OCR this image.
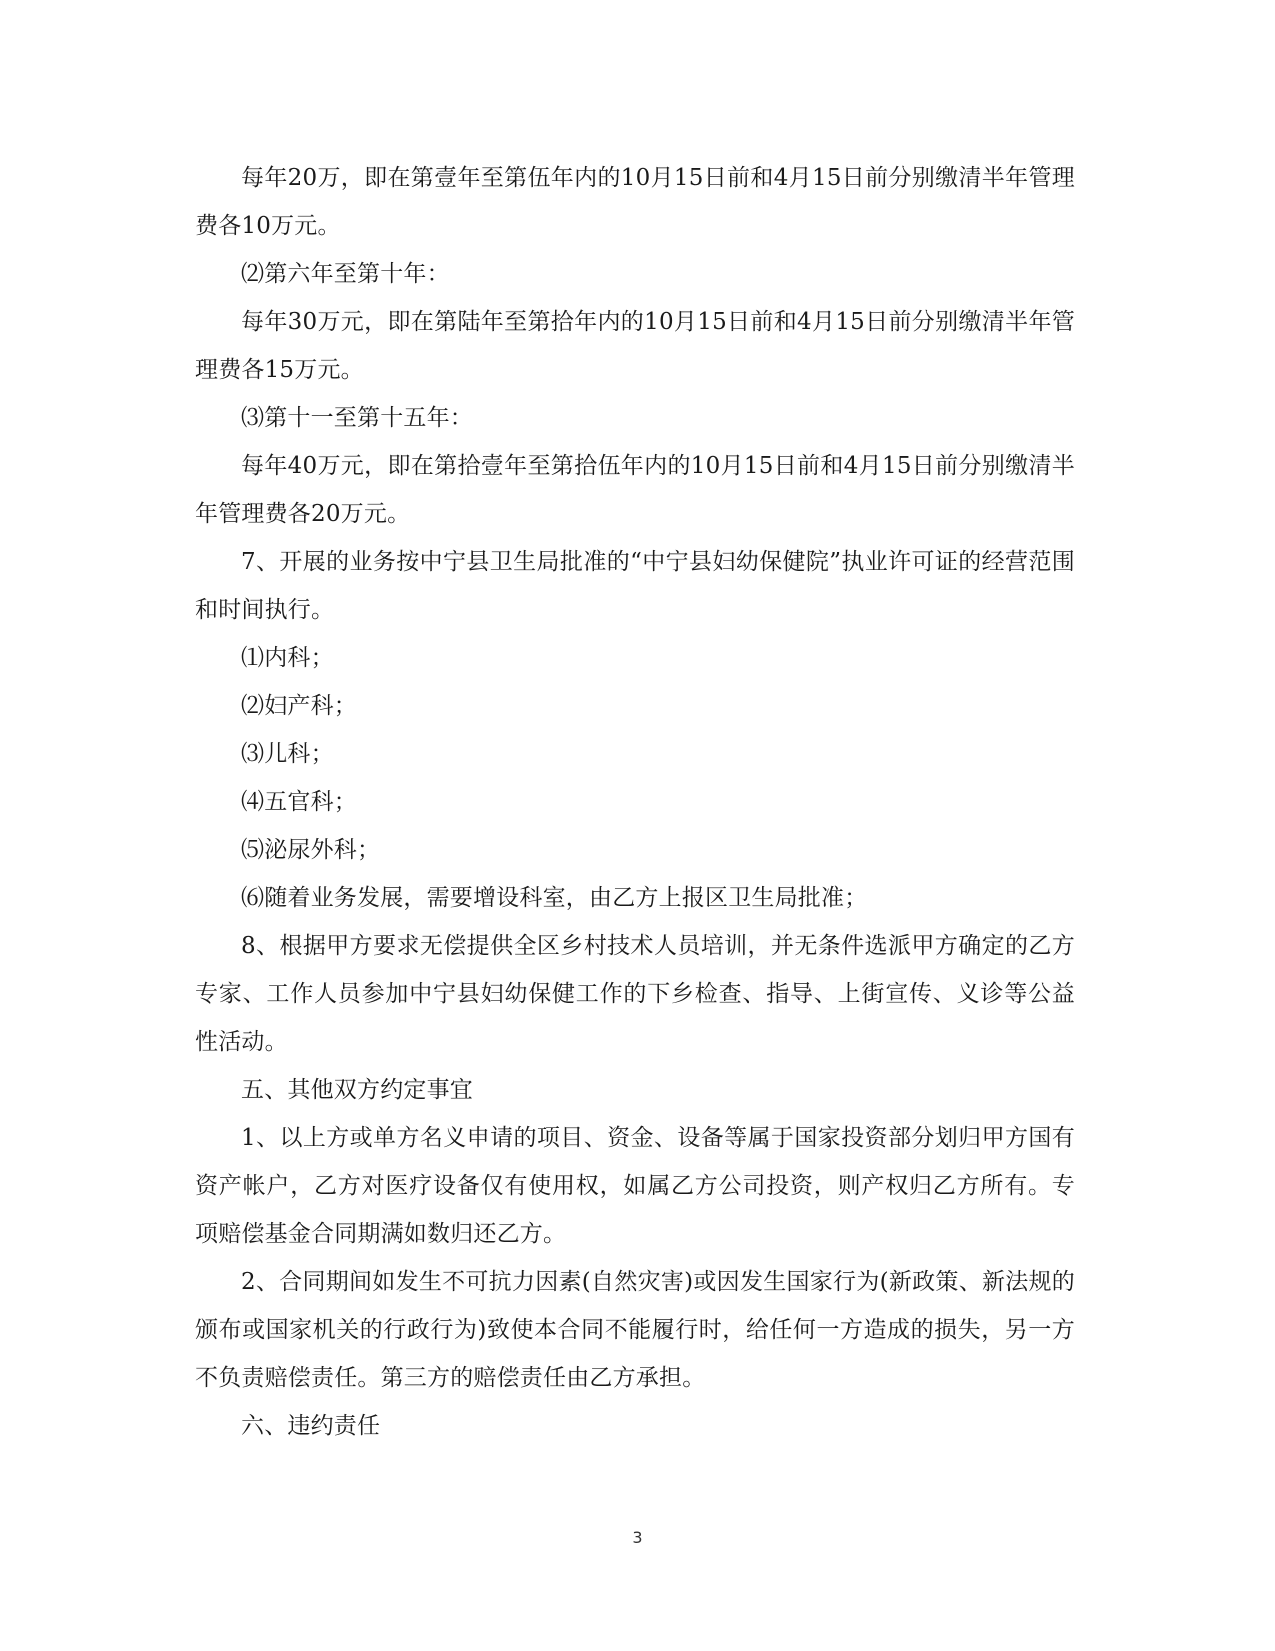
每年20万，即在第壹年至第伍年内的10月15日前和4月15日前分别缴清半年管理费各10万元。

⑵第六年至第十年：

每年30万元，即在第陆年至第拾年内的10月15日前和4月15日前分别缴清半年管理费各15万元。

⑶第十一至第十五年：

每年40万元，即在第拾壹年至第拾伍年内的10月15日前和4月15日前分别缴清半年管理费各20万元。

7、开展的业务按中宁县卫生局批准的“中宁县妇幼保健院”执业许可证的经营范围和时间执行。

⑴内科；

⑵妇产科；

⑶儿科；

⑷五官科；

⑸泌尿外科；

⑹随着业务发展，需要增设科室，由乙方上报区卫生局批准；

8、根据甲方要求无偿提供全区乡村技术人员培训，并无条件选派甲方确定的乙方专家、工作人员参加中宁县妇幼保健工作的下乡检查、指导、上街宣传、义诊等公益性活动。

五、其他双方约定事宜

1、以上方或单方名义申请的项目、资金、设备等属于国家投资部分划归甲方国有资产帐户，乙方对医疗设备仅有使用权，如属乙方公司投资，则产权归乙方所有。专项赔偿基金合同期满如数归还乙方。

2、合同期间如发生不可抗力因素(自然灾害)或因发生国家行为(新政策、新法规的颁布或国家机关的行政行为)致使本合同不能履行时，给任何一方造成的损失，另一方不负责赔偿责任。第三方的赔偿责任由乙方承担。

六、违约责任

3
